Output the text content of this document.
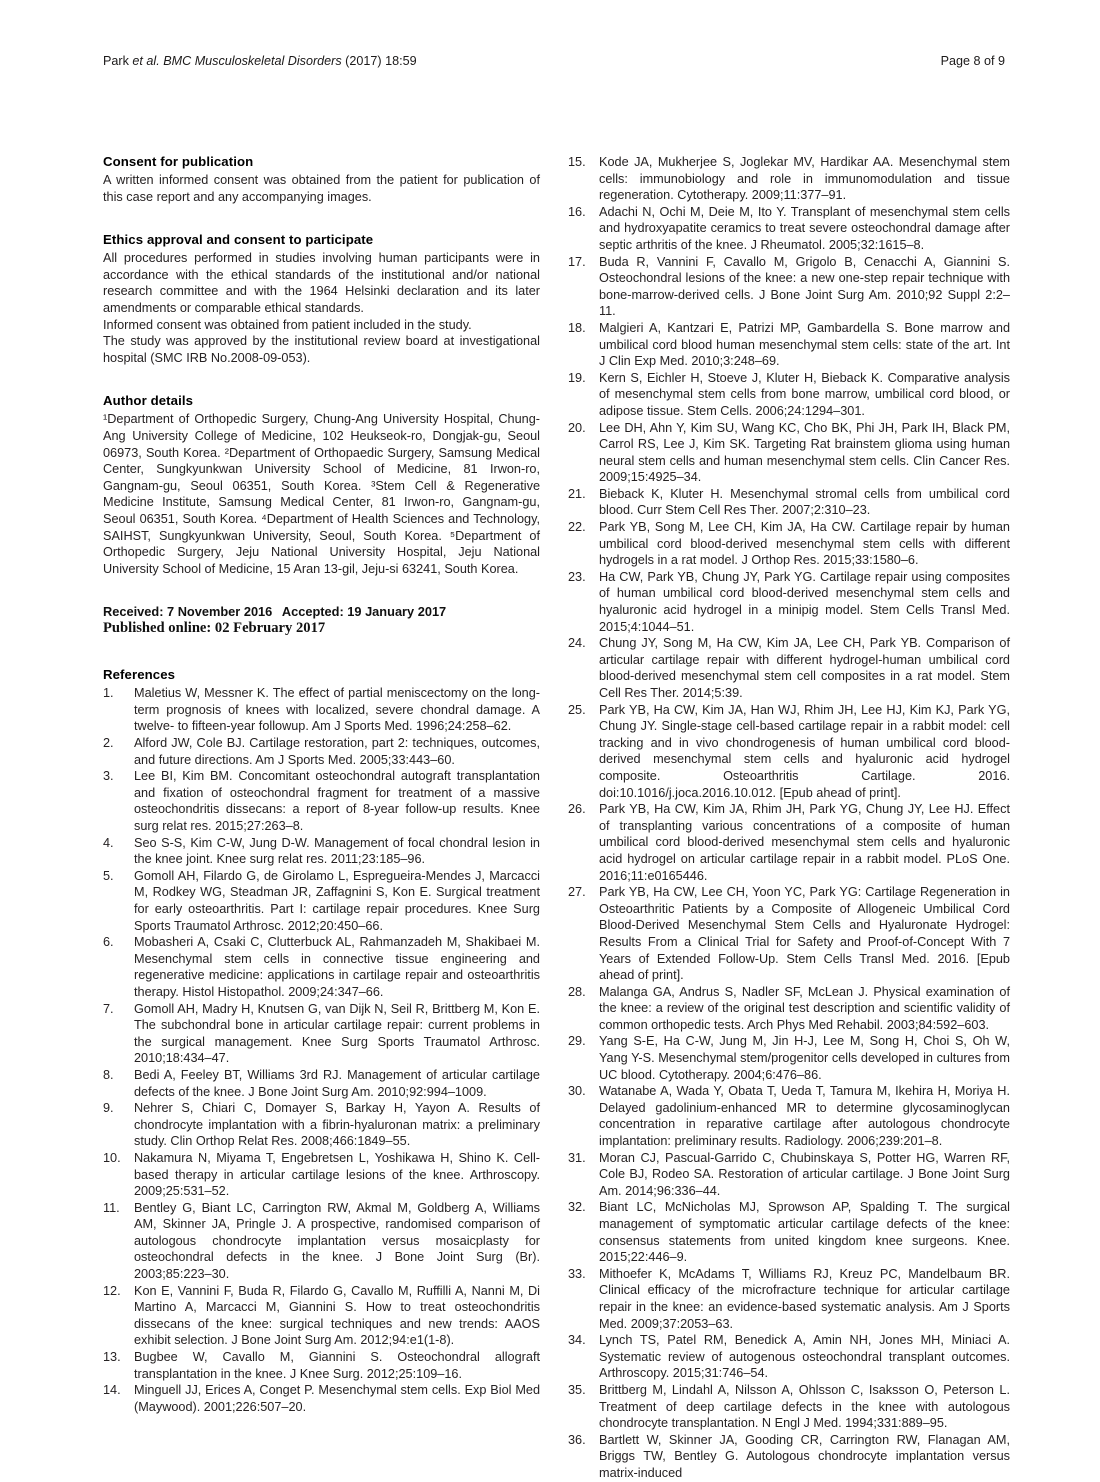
Park et al. BMC Musculoskeletal Disorders (2017) 18:59	Page 8 of 9
Consent for publication

A written informed consent was obtained from the patient for publication of this case report and any accompanying images.

Ethics approval and consent to participate

All procedures performed in studies involving human participants were in accordance with the ethical standards of the institutional and/or national research committee and with the 1964 Helsinki declaration and its later amendments or comparable ethical standards.

Informed consent was obtained from patient included in the study.

The study was approved by the institutional review board at investigational hospital (SMC IRB No.2008-09-053).

Author details

¹Department of Orthopedic Surgery, Chung-Ang University Hospital, Chung-Ang University College of Medicine, 102 Heukseok-ro, Dongjak-gu, Seoul 06973, South Korea. ²Department of Orthopaedic Surgery, Samsung Medical Center, Sungkyunkwan University School of Medicine, 81 Irwon-ro, Gangnam-gu, Seoul 06351, South Korea. ³Stem Cell & Regenerative Medicine Institute, Samsung Medical Center, 81 Irwon-ro, Gangnam-gu, Seoul 06351, South Korea. ⁴Department of Health Sciences and Technology, SAIHST, Sungkyunkwan University, Seoul, South Korea. ⁵Department of Orthopedic Surgery, Jeju National University Hospital, Jeju National University School of Medicine, 15 Aran 13-gil, Jeju-si 63241, South Korea.

Received: 7 November 2016 Accepted: 19 January 2017
Published online: 02 February 2017
References
1.	Maletius W, Messner K. The effect of partial meniscectomy on the long-term prognosis of knees with localized, severe chondral damage. A twelve- to fifteen-year followup. Am J Sports Med. 1996;24:258–62.
2.	Alford JW, Cole BJ. Cartilage restoration, part 2: techniques, outcomes, and future directions. Am J Sports Med. 2005;33:443–60.
3.	Lee BI, Kim BM. Concomitant osteochondral autograft transplantation and fixation of osteochondral fragment for treatment of a massive osteochondritis dissecans: a report of 8-year follow-up results. Knee surg relat res. 2015;27:263–8.
4.	Seo S-S, Kim C-W, Jung D-W. Management of focal chondral lesion in the knee joint. Knee surg relat res. 2011;23:185–96.
5.	Gomoll AH, Filardo G, de Girolamo L, Espregueira-Mendes J, Marcacci M, Rodkey WG, Steadman JR, Zaffagnini S, Kon E. Surgical treatment for early osteoarthritis. Part I: cartilage repair procedures. Knee Surg Sports Traumatol Arthrosc. 2012;20:450–66.
6.	Mobasheri A, Csaki C, Clutterbuck AL, Rahmanzadeh M, Shakibaei M. Mesenchymal stem cells in connective tissue engineering and regenerative medicine: applications in cartilage repair and osteoarthritis therapy. Histol Histopathol. 2009;24:347–66.
7.	Gomoll AH, Madry H, Knutsen G, van Dijk N, Seil R, Brittberg M, Kon E. The subchondral bone in articular cartilage repair: current problems in the surgical management. Knee Surg Sports Traumatol Arthrosc. 2010;18:434–47.
8.	Bedi A, Feeley BT, Williams 3rd RJ. Management of articular cartilage defects of the knee. J Bone Joint Surg Am. 2010;92:994–1009.
9.	Nehrer S, Chiari C, Domayer S, Barkay H, Yayon A. Results of chondrocyte implantation with a fibrin-hyaluronan matrix: a preliminary study. Clin Orthop Relat Res. 2008;466:1849–55.
10.	Nakamura N, Miyama T, Engebretsen L, Yoshikawa H, Shino K. Cell-based therapy in articular cartilage lesions of the knee. Arthroscopy. 2009;25:531–52.
11.	Bentley G, Biant LC, Carrington RW, Akmal M, Goldberg A, Williams AM, Skinner JA, Pringle J. A prospective, randomised comparison of autologous chondrocyte implantation versus mosaicplasty for osteochondral defects in the knee. J Bone Joint Surg (Br). 2003;85:223–30.
12.	Kon E, Vannini F, Buda R, Filardo G, Cavallo M, Ruffilli A, Nanni M, Di Martino A, Marcacci M, Giannini S. How to treat osteochondritis dissecans of the knee: surgical techniques and new trends: AAOS exhibit selection. J Bone Joint Surg Am. 2012;94:e1(1-8).
13.	Bugbee W, Cavallo M, Giannini S. Osteochondral allograft transplantation in the knee. J Knee Surg. 2012;25:109–16.
14.	Minguell JJ, Erices A, Conget P. Mesenchymal stem cells. Exp Biol Med (Maywood). 2001;226:507–20.
15.	Kode JA, Mukherjee S, Joglekar MV, Hardikar AA. Mesenchymal stem cells: immunobiology and role in immunomodulation and tissue regeneration. Cytotherapy. 2009;11:377–91.
16.	Adachi N, Ochi M, Deie M, Ito Y. Transplant of mesenchymal stem cells and hydroxyapatite ceramics to treat severe osteochondral damage after septic arthritis of the knee. J Rheumatol. 2005;32:1615–8.
17.	Buda R, Vannini F, Cavallo M, Grigolo B, Cenacchi A, Giannini S. Osteochondral lesions of the knee: a new one-step repair technique with bone-marrow-derived cells. J Bone Joint Surg Am. 2010;92 Suppl 2:2–11.
18.	Malgieri A, Kantzari E, Patrizi MP, Gambardella S. Bone marrow and umbilical cord blood human mesenchymal stem cells: state of the art. Int J Clin Exp Med. 2010;3:248–69.
19.	Kern S, Eichler H, Stoeve J, Kluter H, Bieback K. Comparative analysis of mesenchymal stem cells from bone marrow, umbilical cord blood, or adipose tissue. Stem Cells. 2006;24:1294–301.
20.	Lee DH, Ahn Y, Kim SU, Wang KC, Cho BK, Phi JH, Park IH, Black PM, Carrol RS, Lee J, Kim SK. Targeting Rat brainstem glioma using human neural stem cells and human mesenchymal stem cells. Clin Cancer Res. 2009;15:4925–34.
21.	Bieback K, Kluter H. Mesenchymal stromal cells from umbilical cord blood. Curr Stem Cell Res Ther. 2007;2:310–23.
22.	Park YB, Song M, Lee CH, Kim JA, Ha CW. Cartilage repair by human umbilical cord blood-derived mesenchymal stem cells with different hydrogels in a rat model. J Orthop Res. 2015;33:1580–6.
23.	Ha CW, Park YB, Chung JY, Park YG. Cartilage repair using composites of human umbilical cord blood-derived mesenchymal stem cells and hyaluronic acid hydrogel in a minipig model. Stem Cells Transl Med. 2015;4:1044–51.
24.	Chung JY, Song M, Ha CW, Kim JA, Lee CH, Park YB. Comparison of articular cartilage repair with different hydrogel-human umbilical cord blood-derived mesenchymal stem cell composites in a rat model. Stem Cell Res Ther. 2014;5:39.
25.	Park YB, Ha CW, Kim JA, Han WJ, Rhim JH, Lee HJ, Kim KJ, Park YG, Chung JY. Single-stage cell-based cartilage repair in a rabbit model: cell tracking and in vivo chondrogenesis of human umbilical cord blood-derived mesenchymal stem cells and hyaluronic acid hydrogel composite. Osteoarthritis Cartilage. 2016. doi:10.1016/j.joca.2016.10.012. [Epub ahead of print].
26.	Park YB, Ha CW, Kim JA, Rhim JH, Park YG, Chung JY, Lee HJ. Effect of transplanting various concentrations of a composite of human umbilical cord blood-derived mesenchymal stem cells and hyaluronic acid hydrogel on articular cartilage repair in a rabbit model. PLoS One. 2016;11:e0165446.
27.	Park YB, Ha CW, Lee CH, Yoon YC, Park YG: Cartilage Regeneration in Osteoarthritic Patients by a Composite of Allogeneic Umbilical Cord Blood-Derived Mesenchymal Stem Cells and Hyaluronate Hydrogel: Results From a Clinical Trial for Safety and Proof-of-Concept With 7 Years of Extended Follow-Up. Stem Cells Transl Med. 2016. [Epub ahead of print].
28.	Malanga GA, Andrus S, Nadler SF, McLean J. Physical examination of the knee: a review of the original test description and scientific validity of common orthopedic tests. Arch Phys Med Rehabil. 2003;84:592–603.
29.	Yang S-E, Ha C-W, Jung M, Jin H-J, Lee M, Song H, Choi S, Oh W, Yang Y-S. Mesenchymal stem/progenitor cells developed in cultures from UC blood. Cytotherapy. 2004;6:476–86.
30.	Watanabe A, Wada Y, Obata T, Ueda T, Tamura M, Ikehira H, Moriya H. Delayed gadolinium-enhanced MR to determine glycosaminoglycan concentration in reparative cartilage after autologous chondrocyte implantation: preliminary results. Radiology. 2006;239:201–8.
31.	Moran CJ, Pascual-Garrido C, Chubinskaya S, Potter HG, Warren RF, Cole BJ, Rodeo SA. Restoration of articular cartilage. J Bone Joint Surg Am. 2014;96:336–44.
32.	Biant LC, McNicholas MJ, Sprowson AP, Spalding T. The surgical management of symptomatic articular cartilage defects of the knee: consensus statements from united kingdom knee surgeons. Knee. 2015;22:446–9.
33.	Mithoefer K, McAdams T, Williams RJ, Kreuz PC, Mandelbaum BR. Clinical efficacy of the microfracture technique for articular cartilage repair in the knee: an evidence-based systematic analysis. Am J Sports Med. 2009;37:2053–63.
34.	Lynch TS, Patel RM, Benedick A, Amin NH, Jones MH, Miniaci A. Systematic review of autogenous osteochondral transplant outcomes. Arthroscopy. 2015;31:746–54.
35.	Brittberg M, Lindahl A, Nilsson A, Ohlsson C, Isaksson O, Peterson L. Treatment of deep cartilage defects in the knee with autologous chondrocyte transplantation. N Engl J Med. 1994;331:889–95.
36.	Bartlett W, Skinner JA, Gooding CR, Carrington RW, Flanagan AM, Briggs TW, Bentley G. Autologous chondrocyte implantation versus matrix-induced
